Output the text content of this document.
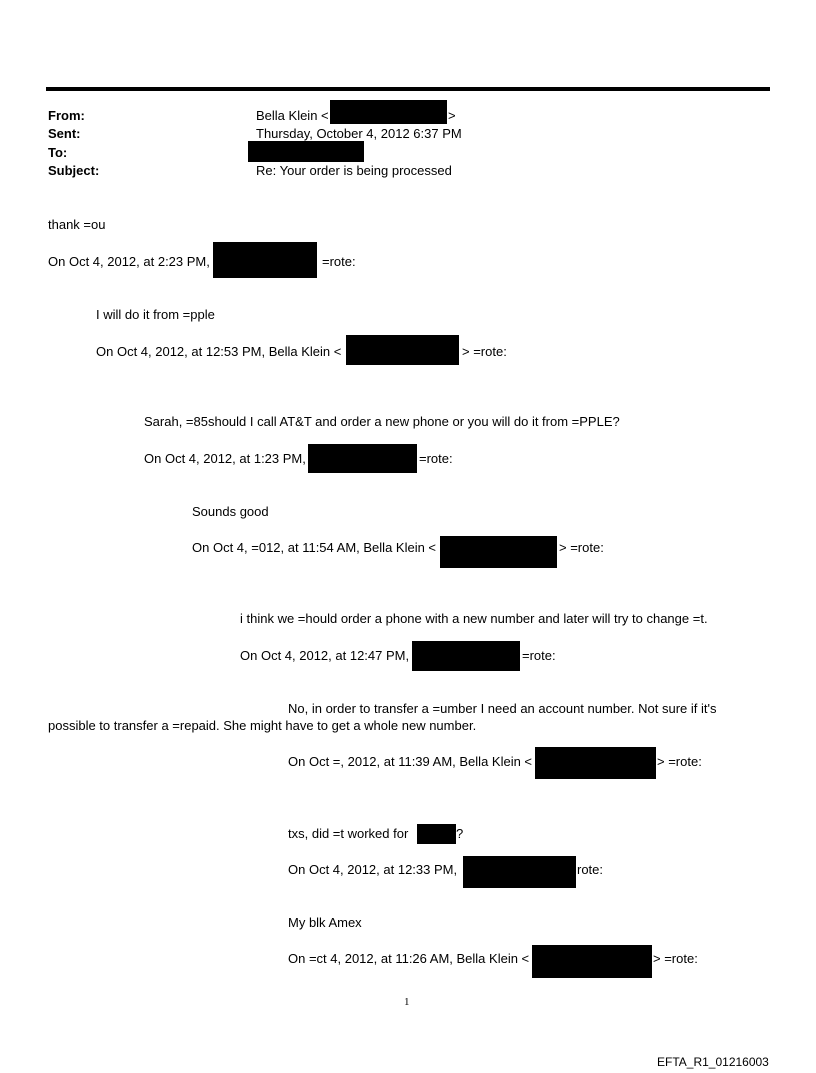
From:	Bella Klein <	>
Sent:	Thursday, October 4, 2012 6:37 PM
To:
Subject:	Re: Your order is being processed
thank =ou
On Oct 4, 2012, at 2:23 PM,	=rote:
I will do it from =pple
On Oct 4, 2012, at 12:53 PM, Bella Klein <	> =rote:
Sarah, =85should I call AT&T and order a new phone or you will do it from =PPLE?
On Oct 4, 2012, at 1:23 PM,	=rote:
Sounds good
On Oct 4, =012, at 11:54 AM, Bella Klein <	> =rote:
i think we =hould order a phone with a new number and later will try to change =t.
On Oct 4, 2012, at 12:47 PM,	=rote:
No, in order to transfer a =umber I need an account number. Not sure if it's
possible to transfer a =repaid. She might have to get a whole new number.
On Oct =, 2012, at 11:39 AM, Bella Klein <	> =rote:
txs, did =t worked for	?
On Oct 4, 2012, at 12:33 PM,	rote:
My blk Amex
On =ct 4, 2012, at 11:26 AM, Bella Klein <	> =rote:
1
EFTA_R1_01216003
